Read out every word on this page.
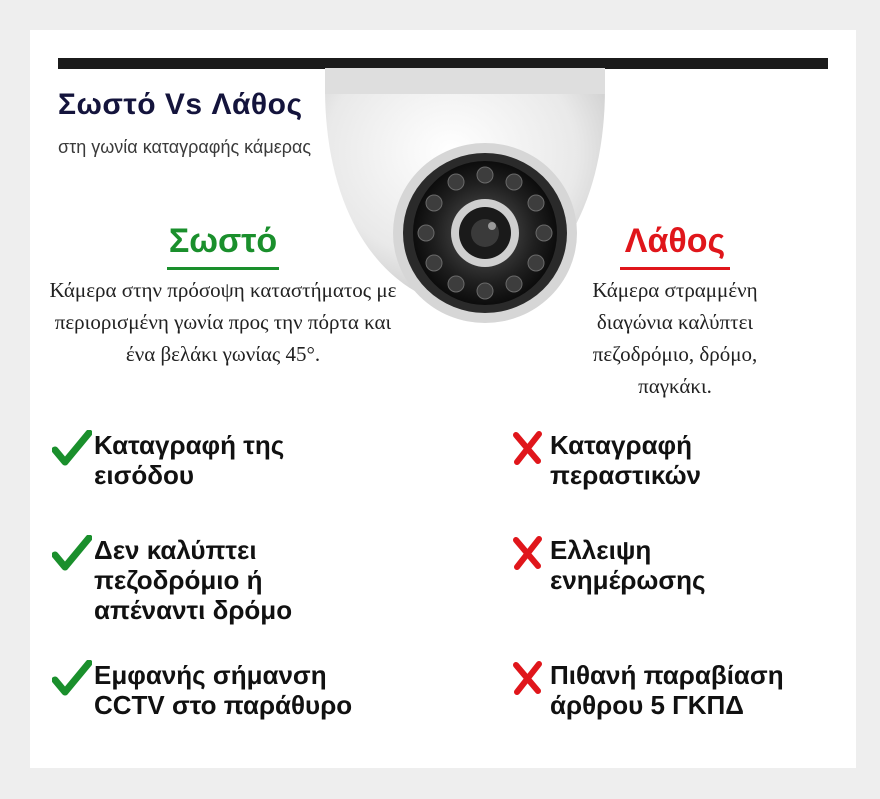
Σωστό Vs Λάθος

στη γωνία καταγραφής κάμερας

Σωστό

Κάμερα στην πρόσοψη καταστήματος με περιορισμένη γωνία προς την πόρτα και ένα βελάκι γωνίας 45°.

Καταγραφή της
εισόδου
Δεν καλύπτει
πεζοδρόμιο ή
απέναντι δρόμο
Εμφανής σήμανση
CCTV στο παράθυρο
Λάθος

Κάμερα στραμμένη διαγώνια καλύπτει πεζοδρόμιο, δρόμο, παγκάκι.

Καταγραφή
περαστικών
Ελλειψη
ενημέρωσης
Πιθανή παραβίαση
άρθρου 5 ΓΚΠΔ
